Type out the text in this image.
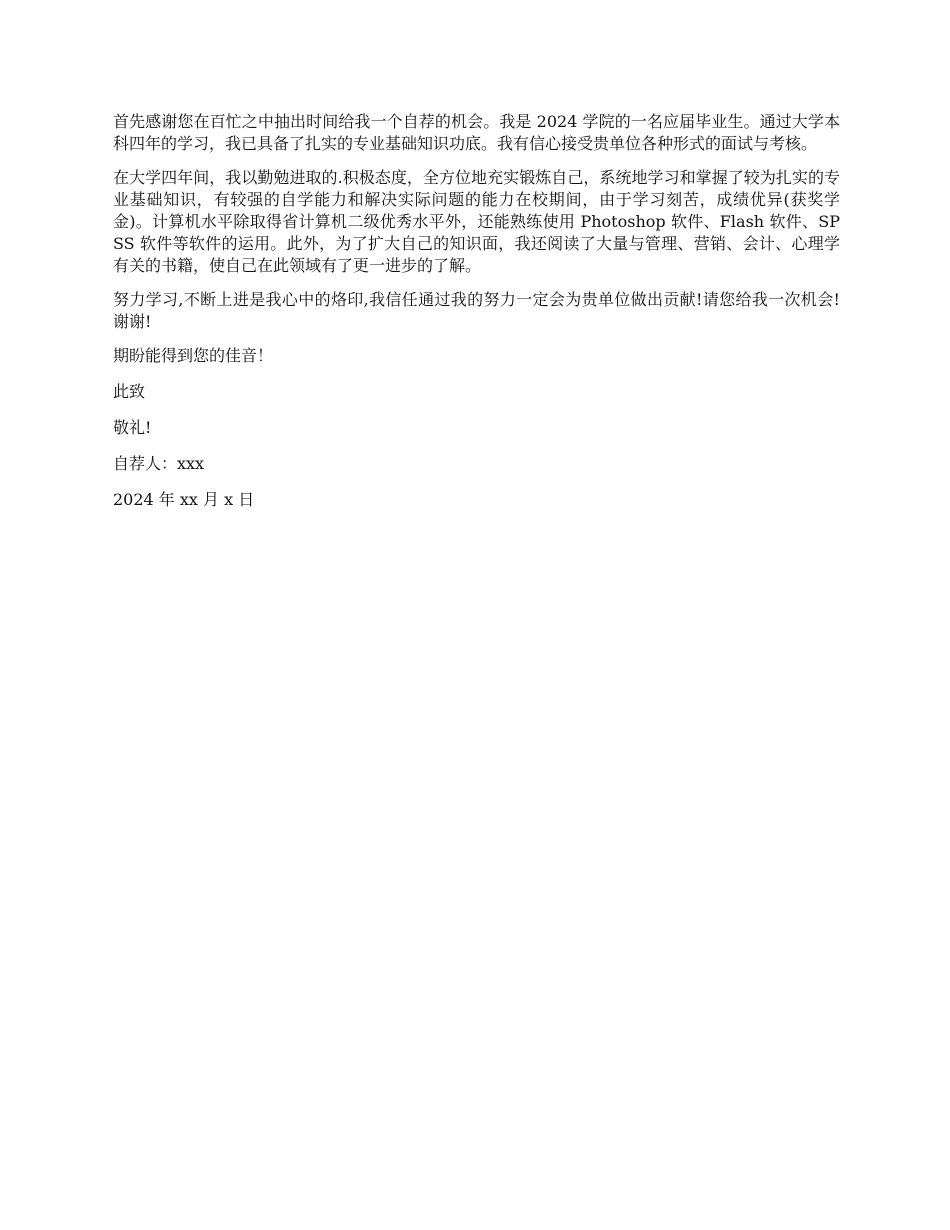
首先感谢您在百忙之中抽出时间给我一个自荐的机会。我是 2024 学院的一名应届毕业生。通过大学本科四年的学习，我已具备了扎实的专业基础知识功底。我有信心接受贵单位各种形式的面试与考核。

在大学四年间，我以勤勉进取的.积极态度，全方位地充实锻炼自己，系统地学习和掌握了较为扎实的专业基础知识，有较强的自学能力和解决实际问题的能力在校期间，由于学习刻苦，成绩优异(获奖学金)。计算机水平除取得省计算机二级优秀水平外，还能熟练使用 Photoshop 软件、Flash 软件、SPSS 软件等软件的运用。此外，为了扩大自己的知识面，我还阅读了大量与管理、营销、会计、心理学有关的书籍，使自己在此领域有了更一进步的了解。

努力学习,不断上进是我心中的烙印,我信任通过我的努力一定会为贵单位做出贡献!请您给我一次机会!谢谢!

期盼能得到您的佳音！

此致

敬礼!

自荐人：xxx

2024 年 xx 月 x 日
